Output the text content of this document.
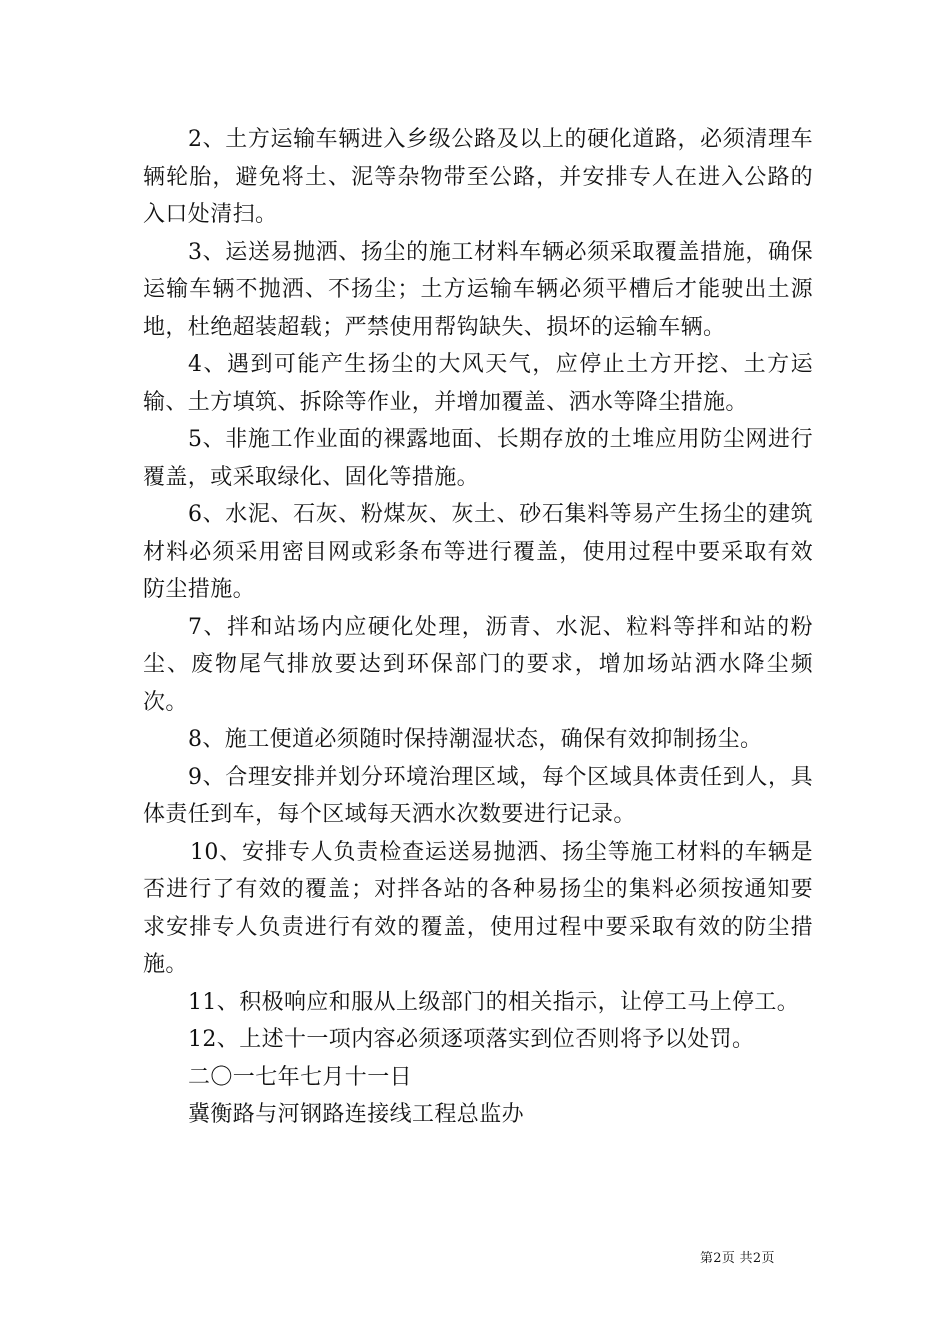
2、土方运输车辆进入乡级公路及以上的硬化道路，必须清理车辆轮胎，避免将土、泥等杂物带至公路，并安排专人在进入公路的入口处清扫。

3、运送易抛洒、扬尘的施工材料车辆必须采取覆盖措施，确保运输车辆不抛洒、不扬尘；土方运输车辆必须平槽后才能驶出土源地，杜绝超装超载；严禁使用帮钩缺失、损坏的运输车辆。

4、遇到可能产生扬尘的大风天气，应停止土方开挖、土方运输、土方填筑、拆除等作业，并增加覆盖、洒水等降尘措施。

5、非施工作业面的裸露地面、长期存放的土堆应用防尘网进行覆盖，或采取绿化、固化等措施。

6、水泥、石灰、粉煤灰、灰土、砂石集料等易产生扬尘的建筑材料必须采用密目网或彩条布等进行覆盖，使用过程中要采取有效防尘措施。

7、拌和站场内应硬化处理，沥青、水泥、粒料等拌和站的粉尘、废物尾气排放要达到环保部门的要求，增加场站洒水降尘频次。

8、施工便道必须随时保持潮湿状态，确保有效抑制扬尘。

9、合理安排并划分环境治理区域，每个区域具体责任到人，具体责任到车，每个区域每天洒水次数要进行记录。

10、安排专人负责检查运送易抛洒、扬尘等施工材料的车辆是否进行了有效的覆盖；对拌各站的各种易扬尘的集料必须按通知要求安排专人负责进行有效的覆盖，使用过程中要采取有效的防尘措施。

11、积极响应和服从上级部门的相关指示，让停工马上停工。

12、上述十一项内容必须逐项落实到位否则将予以处罚。

二〇一七年七月十一日

冀衡路与河钢路连接线工程总监办

第2页 共2页
